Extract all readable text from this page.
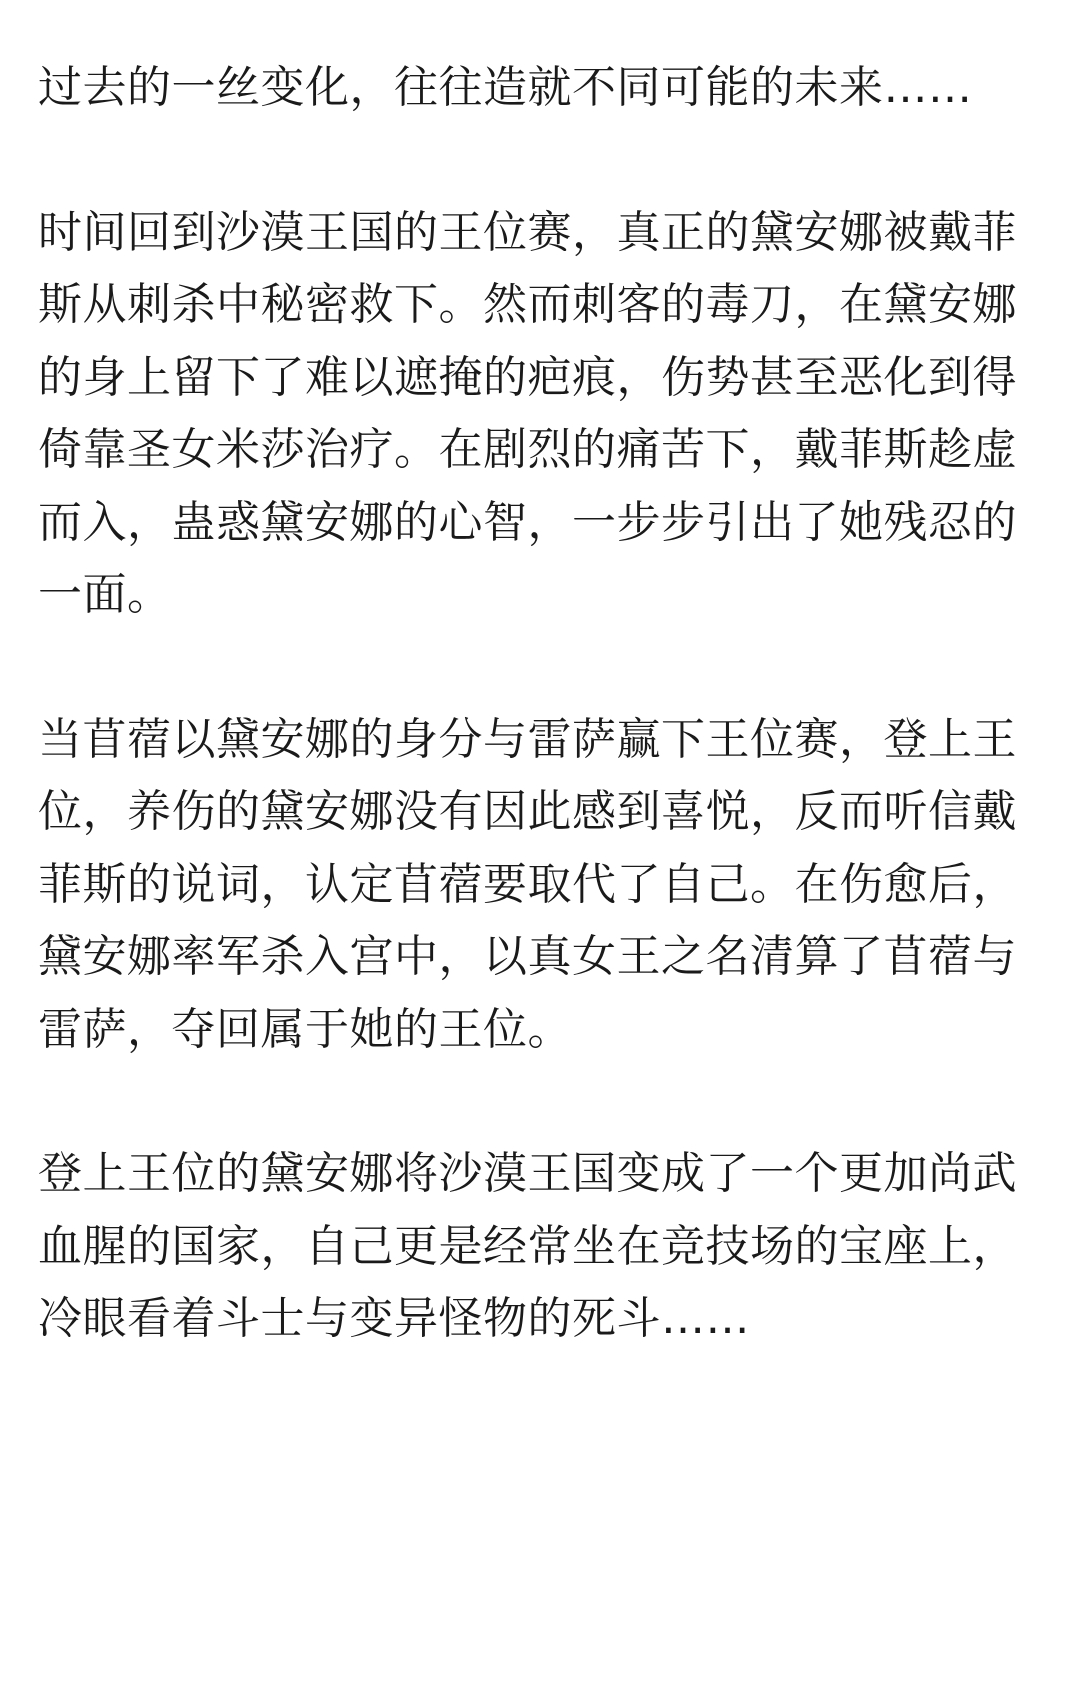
过去的一丝变化，往往造就不同可能的未来……

时间回到沙漠王国的王位赛，真正的黛安娜被戴菲斯从刺杀中秘密救下。然而刺客的毒刀，在黛安娜的身上留下了难以遮掩的疤痕，伤势甚至恶化到得倚靠圣女米莎治疗。在剧烈的痛苦下，戴菲斯趁虚而入，蛊惑黛安娜的心智，一步步引出了她残忍的一面。

当苜蓿以黛安娜的身分与雷萨赢下王位赛，登上王位，养伤的黛安娜没有因此感到喜悦，反而听信戴菲斯的说词，认定苜蓿要取代了自己。在伤愈后，黛安娜率军杀入宫中，以真女王之名清算了苜蓿与雷萨，夺回属于她的王位。

登上王位的黛安娜将沙漠王国变成了一个更加尚武血腥的国家，自己更是经常坐在竞技场的宝座上，冷眼看着斗士与变异怪物的死斗……
